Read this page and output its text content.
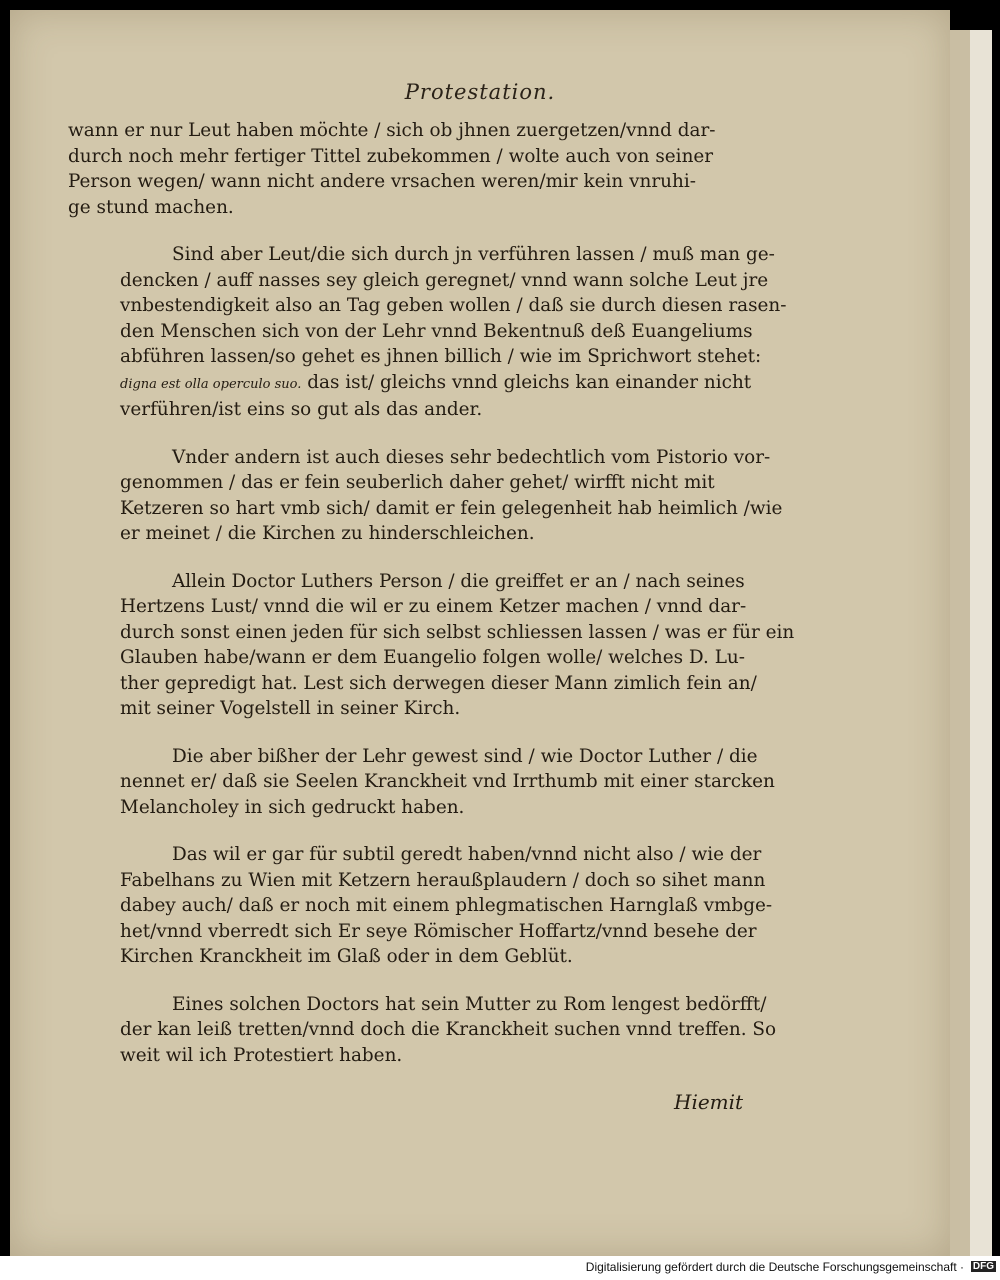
Protestation.

wann er nur Leut haben möchte / sich ob jhnen zuergetzen/vnnd dar-
durch noch mehr fertiger Tittel zubekommen / wolte auch von seiner
Person wegen/ wann nicht andere vrsachen weren/mir kein vnruhi-
ge stund machen.

Sind aber Leut/die sich durch jn verführen lassen / muß man ge-
dencken / auff nasses sey gleich geregnet/ vnnd wann solche Leut jre
vnbestendigkeit also an Tag geben wollen / daß sie durch diesen rasen-
den Menschen sich von der Lehr vnnd Bekentnuß deß Euangeliums
abführen lassen/so gehet es jhnen billich / wie im Sprichwort stehet:
digna est olla operculo suo. das ist/ gleichs vnnd gleichs kan einander nicht
verführen/ist eins so gut als das ander.

Vnder andern ist auch dieses sehr bedechtlich vom Pistorio vor-
genommen / das er fein seuberlich daher gehet/ wirfft nicht mit
Ketzeren so hart vmb sich/ damit er fein gelegenheit hab heimlich /wie
er meinet / die Kirchen zu hinderschleichen.

Allein Doctor Luthers Person / die greiffet er an / nach seines
Hertzens Lust/ vnnd die wil er zu einem Ketzer machen / vnnd dar-
durch sonst einen jeden für sich selbst schliessen lassen / was er für ein
Glauben habe/wann er dem Euangelio folgen wolle/ welches D. Lu-
ther gepredigt hat. Lest sich derwegen dieser Mann zimlich fein an/
mit seiner Vogelstell in seiner Kirch.

Die aber bißher der Lehr gewest sind / wie Doctor Luther / die
nennet er/ daß sie Seelen Kranckheit vnd Irrthumb mit einer starcken
Melancholey in sich gedruckt haben.

Das wil er gar für subtil geredt haben/vnnd nicht also / wie der
Fabelhans zu Wien mit Ketzern heraußplaudern / doch so sihet mann
dabey auch/ daß er noch mit einem phlegmatischen Harnglaß vmbge-
het/vnnd vberredt sich Er seye Römischer Hoffartz/vnnd besehe der
Kirchen Kranckheit im Glaß oder in dem Geblüt.

Eines solchen Doctors hat sein Mutter zu Rom lengest bedörfft/
der kan leiß tretten/vnnd doch die Kranckheit suchen vnnd treffen. So
weit wil ich Protestiert haben.

Hiemit
Digitalisierung gefördert durch die Deutsche Forschungsgemeinschaft · DFG
